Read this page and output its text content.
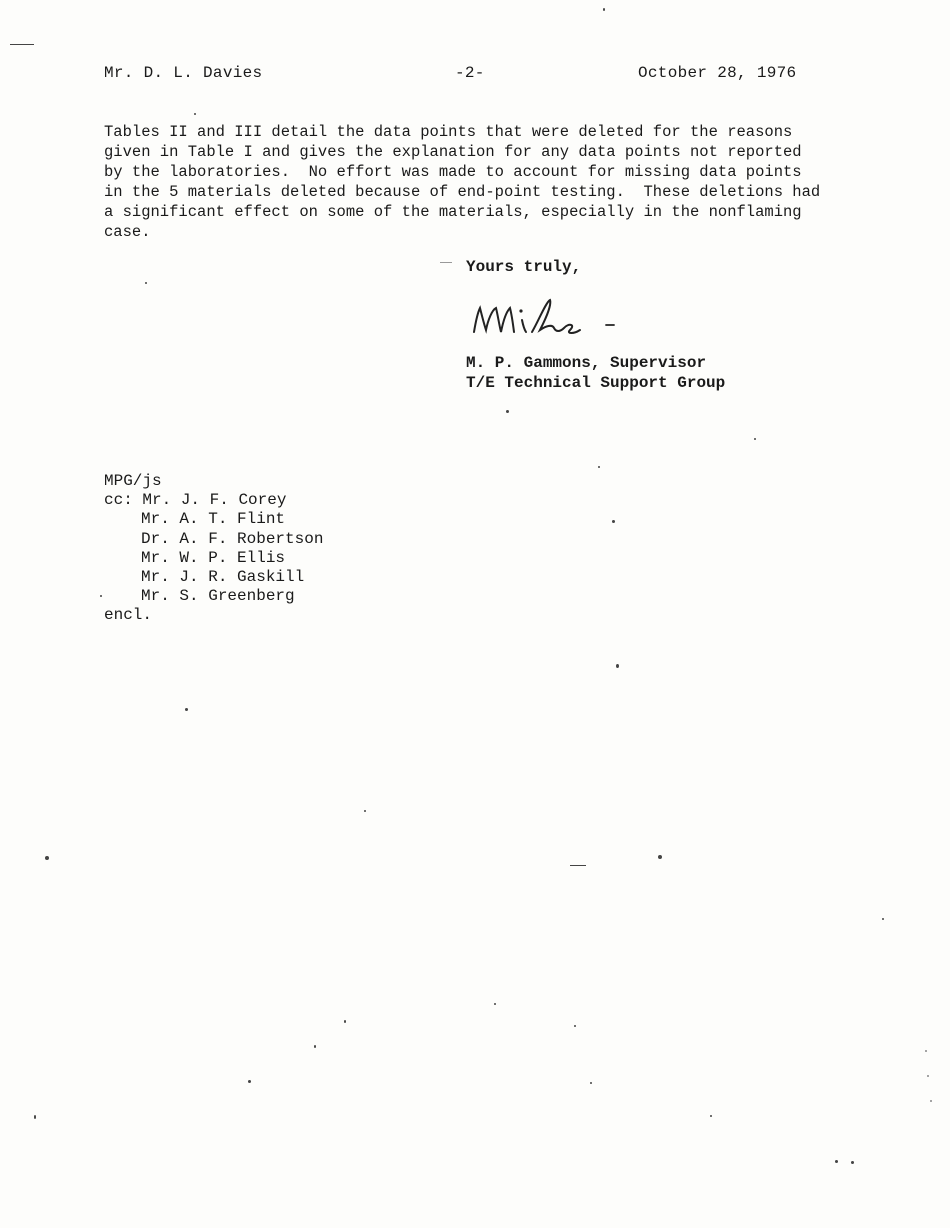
Mr. D. L. Davies	-2-	October 28, 1976
Tables II and III detail the data points that were deleted for the reasons
given in Table I and gives the explanation for any data points not reported
by the laboratories.  No effort was made to account for missing data points
in the 5 materials deleted because of end-point testing.  These deletions had
a significant effect on some of the materials, especially in the nonflaming
case.
Yours truly,
M. P. Gammons, Supervisor
T/E Technical Support Group
MPG/js
cc: Mr. J. F. Corey
Mr. A. T. Flint
Dr. A. F. Robertson
Mr. W. P. Ellis
Mr. J. R. Gaskill
Mr. S. Greenberg
encl.
